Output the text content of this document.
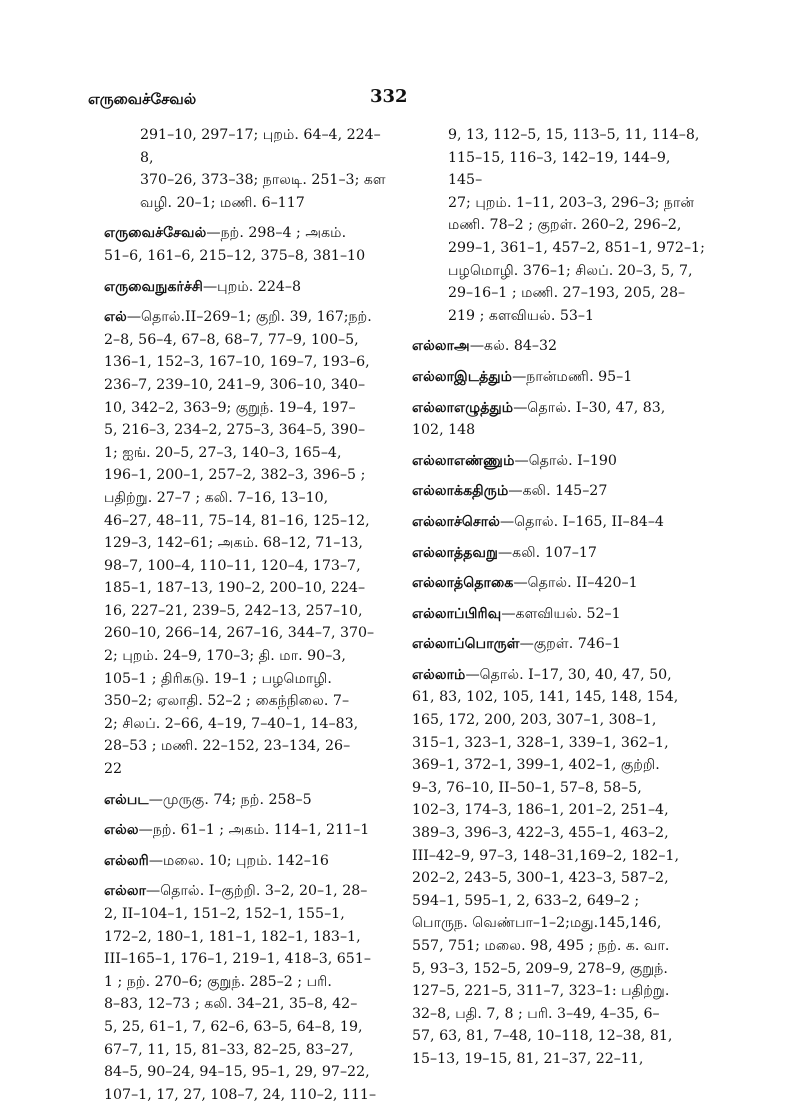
எருவைச்சேவல்	332

291–10, 297–17; புறம். 64–4, 224–8,

370–26, 373–38; நாலடி. 251–3; கள

வழி. 20–1; மணி. 6–117

எருவைச்சேவல்—நற். 298–4 ; அகம்.

51–6, 161–6, 215–12, 375–8, 381–10

எருவைநுகர்ச்சி—புறம். 224–8

எல்—தொல்.II–269–1; குறி. 39, 167;நற்.

2–8, 56–4, 67–8, 68–7, 77–9, 100–5,

136–1, 152–3, 167–10, 169–7, 193–6,

236–7, 239–10, 241–9, 306–10, 340–

10, 342–2, 363–9; குறுந். 19–4, 197–

5, 216–3, 234–2, 275–3, 364–5, 390–

1; ஐங். 20–5, 27–3, 140–3, 165–4,

196–1, 200–1, 257–2, 382–3, 396–5 ;

பதிற்று. 27–7 ; கலி. 7–16, 13–10,

46–27, 48–11, 75–14, 81–16, 125–12,

129–3, 142–61; அகம். 68–12, 71–13,

98–7, 100–4, 110–11, 120–4, 173–7,

185–1, 187–13, 190–2, 200–10, 224–

16, 227–21, 239–5, 242–13, 257–10,

260–10, 266–14, 267–16, 344–7, 370–

2; புறம். 24–9, 170–3; தி. மா. 90–3,

105–1 ; திரிகடு. 19–1 ; பழமொழி.

350–2; ஏலாதி. 52–2 ; கைந்நிலை. 7–

2; சிலப். 2–66, 4–19, 7–40–1, 14–83,

28–53 ; மணி. 22–152, 23–134, 26–

22

எல்பட—முருகு. 74; நற். 258–5

எல்ல—நற். 61–1 ; அகம். 114–1, 211–1

எல்லரி—மலை. 10; புறம். 142–16

எல்லா—தொல். I–குற்றி. 3–2, 20–1, 28–

2, II–104–1, 151–2, 152–1, 155–1,

172–2, 180–1, 181–1, 182–1, 183–1,

III–165–1, 176–1, 219–1, 418–3, 651–

1 ; நற். 270–6; குறுந். 285–2 ; பரி.

8–83, 12–73 ; கலி. 34–21, 35–8, 42–

5, 25, 61–1, 7, 62–6, 63–5, 64–8, 19,

67–7, 11, 15, 81–33, 82–25, 83–27,

84–5, 90–24, 94–15, 95–1, 29, 97–22,

107–1, 17, 27, 108–7, 24, 110–2, 111–

9, 13, 112–5, 15, 113–5, 11, 114–8,

115–15, 116–3, 142–19, 144–9, 145–

27; புறம். 1–11, 203–3, 296–3; நான்

மணி. 78–2 ; குறள். 260–2, 296–2,

299–1, 361–1, 457–2, 851–1, 972–1;

பழமொழி. 376–1; சிலப். 20–3, 5, 7,

29–16–1 ; மணி. 27–193, 205, 28–

219 ; களவியல். 53–1

எல்லாஅ—கல். 84–32

எல்லாஇடத்தும்—நான்மணி. 95–1

எல்லாஎழுத்தும்—தொல். I–30, 47, 83,

102, 148

எல்லாஎண்ணும்—தொல். I–190

எல்லாக்கதிரும்—கலி. 145–27

எல்லாச்சொல்—தொல். I–165, II–84–4

எல்லாத்தவறு—கலி. 107–17

எல்லாத்தொகை—தொல். II–420–1

எல்லாப்பிரிவு—களவியல். 52–1

எல்லாப்பொருள்—குறள். 746–1

எல்லாம்—தொல். I–17, 30, 40, 47, 50,

61, 83, 102, 105, 141, 145, 148, 154,

165, 172, 200, 203, 307–1, 308–1,

315–1, 323–1, 328–1, 339–1, 362–1,

369–1, 372–1, 399–1, 402–1, குற்றி.

9–3, 76–10, II–50–1, 57–8, 58–5,

102–3, 174–3, 186–1, 201–2, 251–4,

389–3, 396–3, 422–3, 455–1, 463–2,

III–42–9, 97–3, 148–31,169–2, 182–1,

202–2, 243–5, 300–1, 423–3, 587–2,

594–1, 595–1, 2, 633–2, 649–2 ;

பொருந. வெண்பா–1–2;மது.145,146,

557, 751; மலை. 98, 495 ; நற். க. வா.

5, 93–3, 152–5, 209–9, 278–9, குறுந்.

127–5, 221–5, 311–7, 323–1: பதிற்று.

32–8, பதி. 7, 8 ; பரி. 3–49, 4–35, 6–

57, 63, 81, 7–48, 10–118, 12–38, 81,

15–13, 19–15, 81, 21–37, 22–11,
